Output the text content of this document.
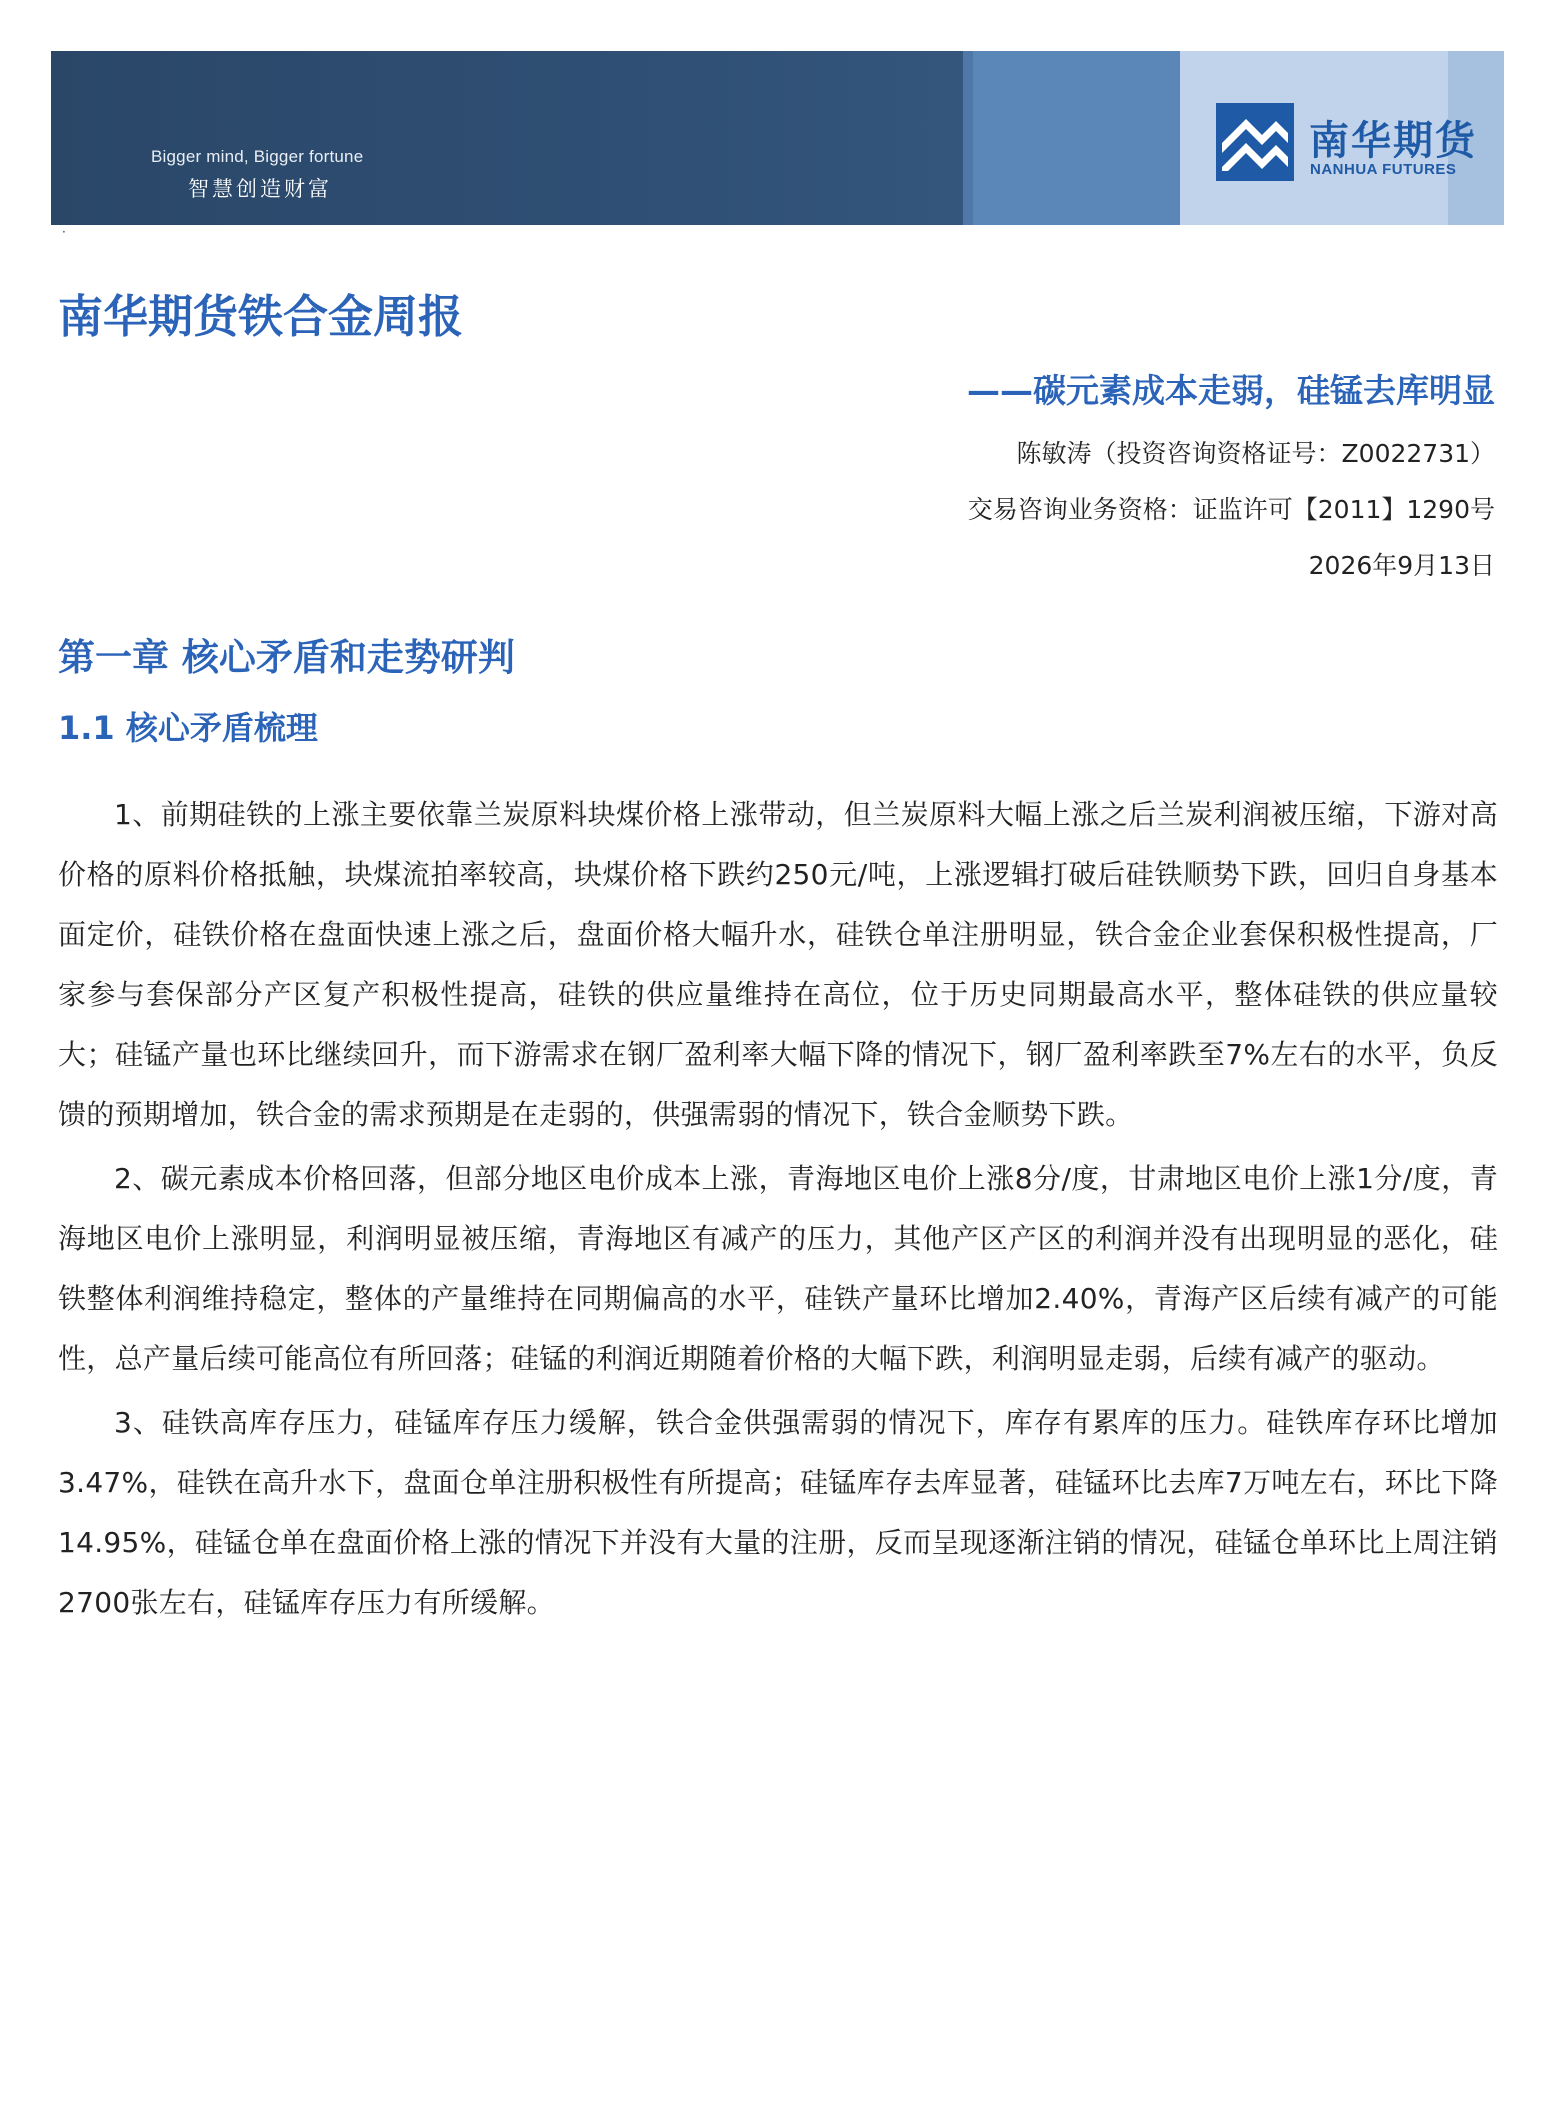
Bigger mind, Bigger fortune
智慧创造财富
南华期货
NANHUA FUTURES
·
南华期货铁合金周报
——碳元素成本走弱，硅锰去库明显
陈敏涛（投资咨询资格证号：Z0022731）
交易咨询业务资格：证监许可【2011】1290号
2026年9月13日
第一章 核心矛盾和走势研判
1.1 核心矛盾梳理

1、前期硅铁的上涨主要依靠兰炭原料块煤价格上涨带动，但兰炭原料大幅上涨之后兰炭利润被压缩，下游对高价格的原料价格抵触，块煤流拍率较高，块煤价格下跌约250元/吨，上涨逻辑打破后硅铁顺势下跌，回归自身基本面定价，硅铁价格在盘面快速上涨之后，盘面价格大幅升水，硅铁仓单注册明显，铁合金企业套保积极性提高，厂家参与套保部分产区复产积极性提高，硅铁的供应量维持在高位，位于历史同期最高水平，整体硅铁的供应量较大；硅锰产量也环比继续回升，而下游需求在钢厂盈利率大幅下降的情况下，钢厂盈利率跌至7%左右的水平，负反馈的预期增加，铁合金的需求预期是在走弱的，供强需弱的情况下，铁合金顺势下跌。

2、碳元素成本价格回落，但部分地区电价成本上涨，青海地区电价上涨8分/度，甘肃地区电价上涨1分/度，青海地区电价上涨明显，利润明显被压缩，青海地区有减产的压力，其他产区产区的利润并没有出现明显的恶化，硅铁整体利润维持稳定，整体的产量维持在同期偏高的水平，硅铁产量环比增加2.40%，青海产区后续有减产的可能性，总产量后续可能高位有所回落；硅锰的利润近期随着价格的大幅下跌，利润明显走弱，后续有减产的驱动。

3、硅铁高库存压力，硅锰库存压力缓解，铁合金供强需弱的情况下，库存有累库的压力。硅铁库存环比增加3.47%，硅铁在高升水下，盘面仓单注册积极性有所提高；硅锰库存去库显著，硅锰环比去库7万吨左右，环比下降14.95%，硅锰仓单在盘面价格上涨的情况下并没有大量的注册，反而呈现逐渐注销的情况，硅锰仓单环比上周注销2700张左右，硅锰库存压力有所缓解。
